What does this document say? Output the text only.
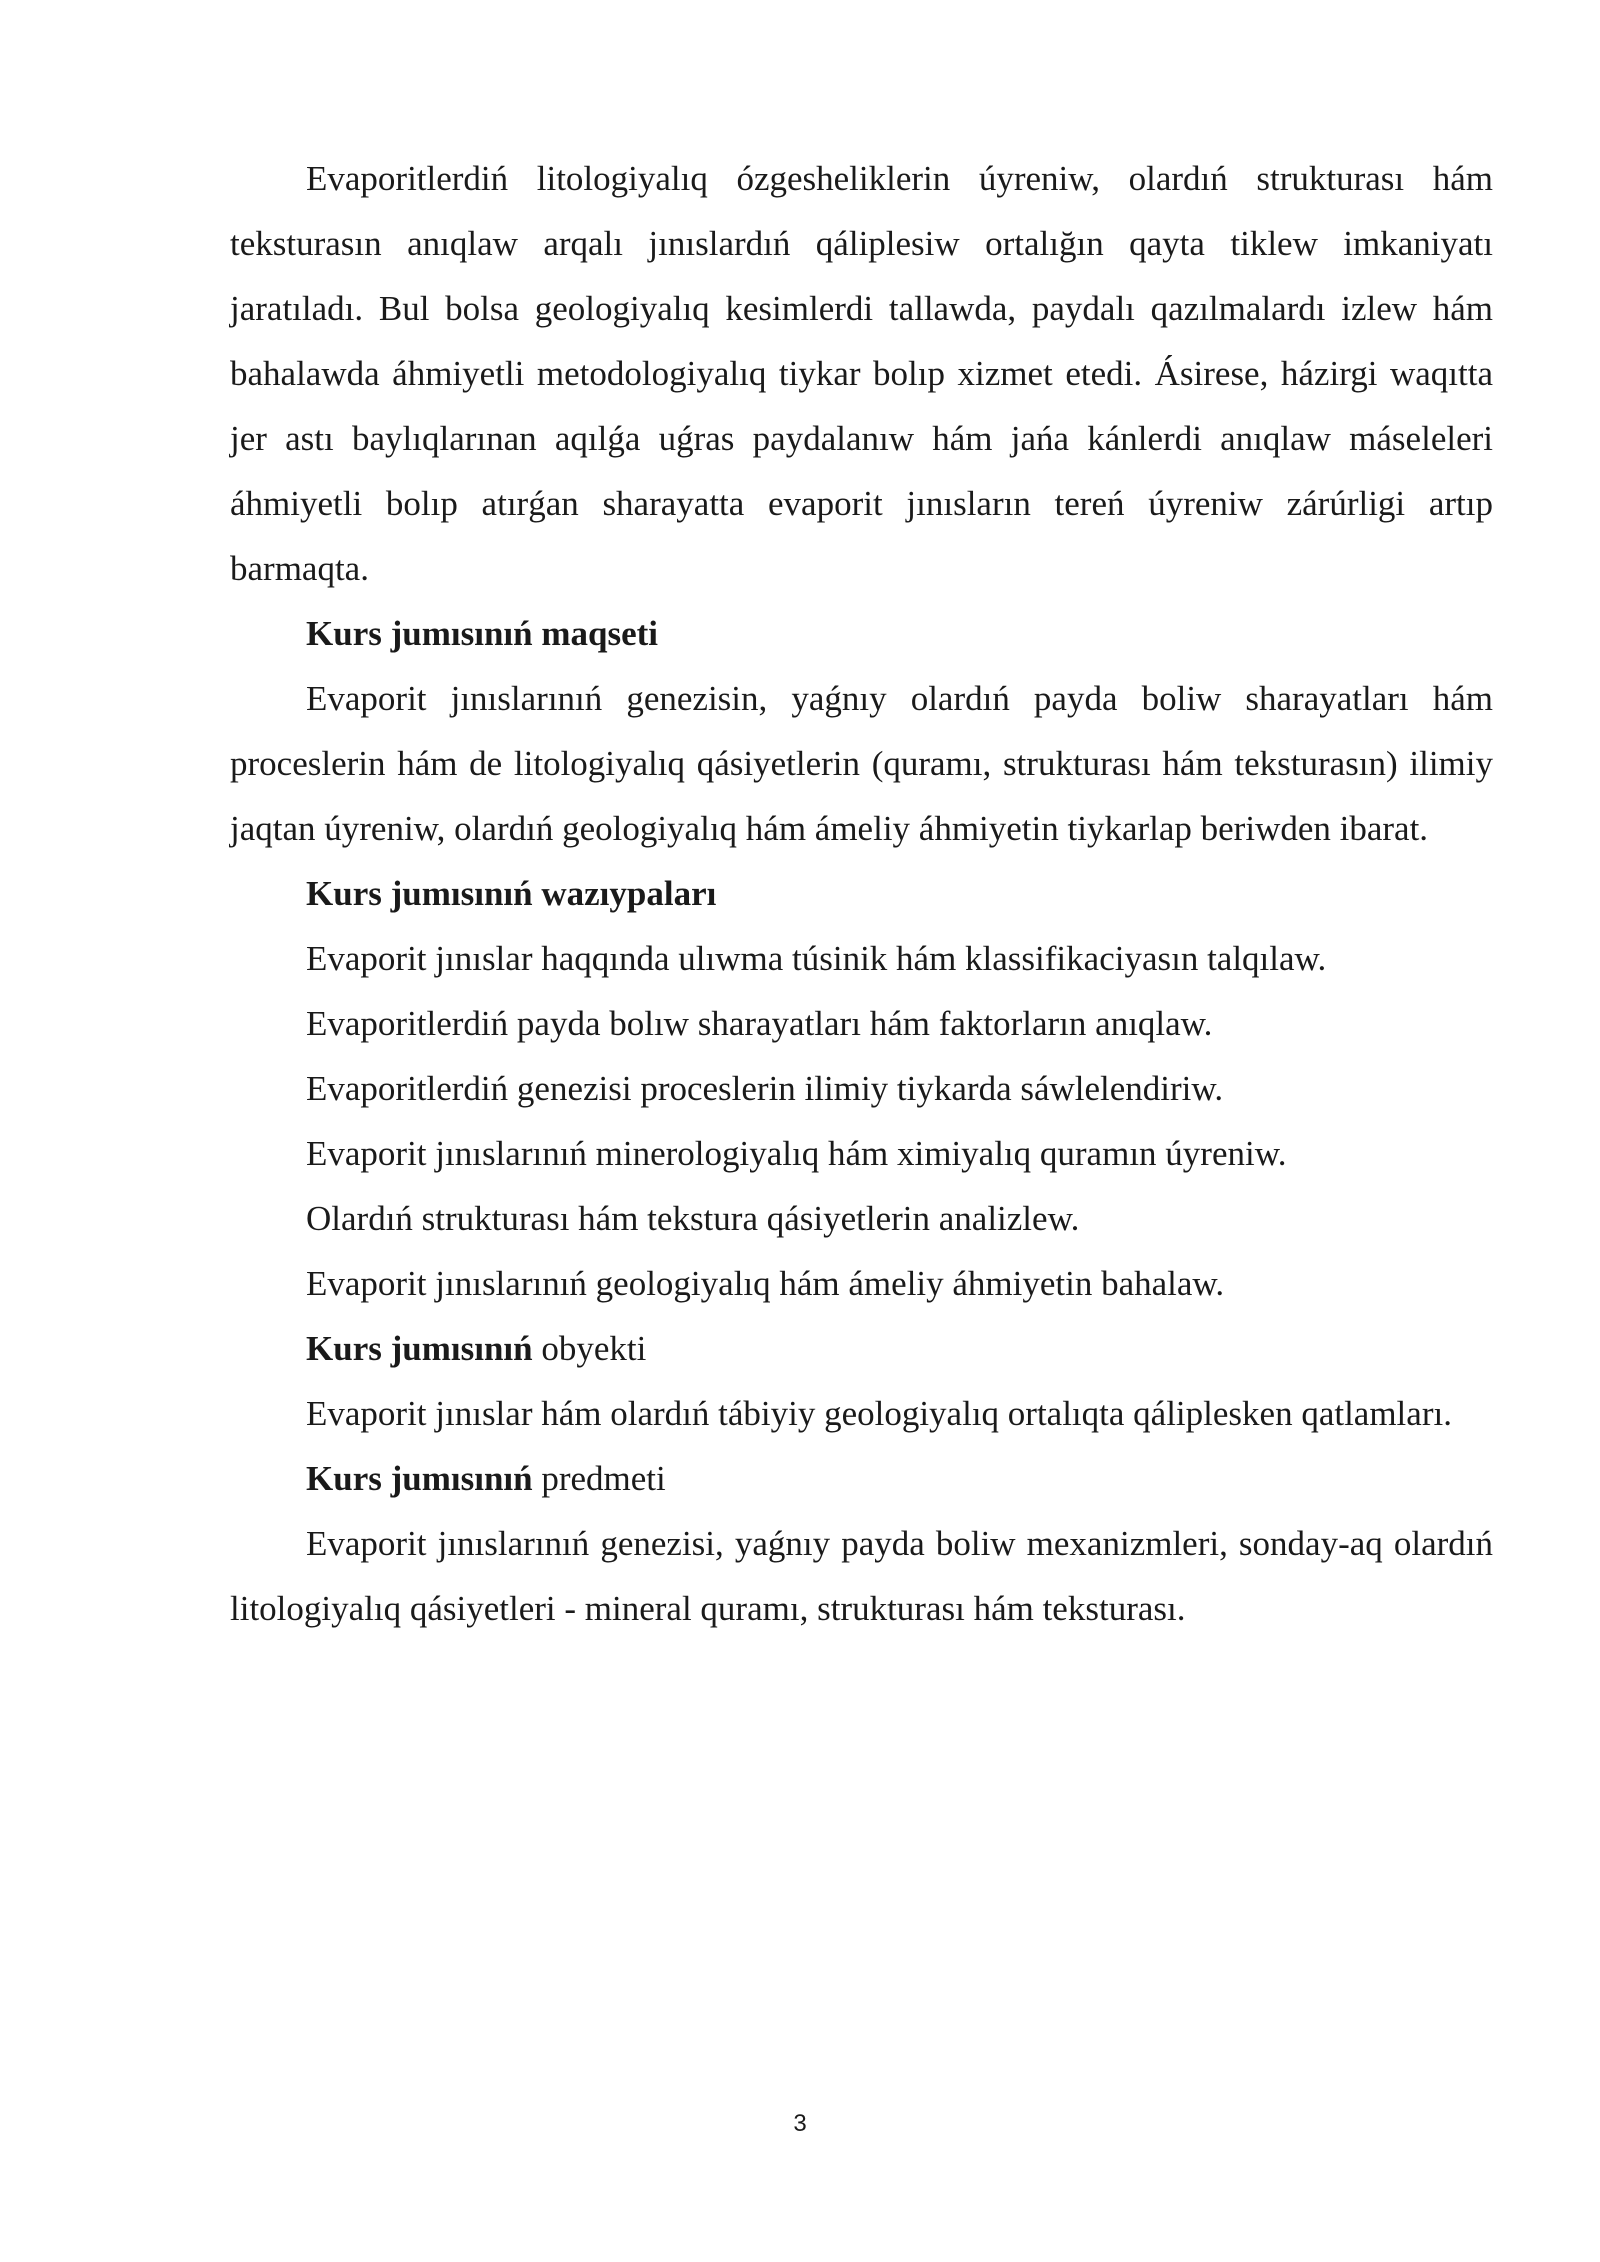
Evaporitlerdiń litologiyalıq ózgesheliklerin úyreniw, olardıń strukturası hám teksturasın anıqlaw arqalı jınıslardıń qáliplesiw ortalığın qayta tiklew imkaniyatı jaratıladı. Bul bolsa geologiyalıq kesimlerdi tallawda, paydalı qazılmalardı izlew hám bahalawda áhmiyetli metodologiyalıq tiykar bolıp xizmet etedi. Ásirese, házirgi waqıtta jer astı baylıqlarınan aqılǵa uǵras paydalanıw hám jańa kánlerdi anıqlaw máseleleri áhmiyetli bolıp atırǵan sharayatta evaporit jınısların tereń úyreniw zárúrligi artıp barmaqta.

Kurs jumısınıń maqseti

Evaporit jınıslarınıń genezisin, yaǵnıy olardıń payda boliw sharayatları hám proceslerin hám de litologiyalıq qásiyetlerin (quramı, strukturası hám teksturasın) ilimiy jaqtan úyreniw, olardıń geologiyalıq hám ámeliy áhmiyetin tiykarlap beriwden ibarat.

Kurs jumısınıń wazıypaları

Evaporit jınıslar haqqında ulıwma túsinik hám klassifikaciyasın talqılaw.

Evaporitlerdiń payda bolıw sharayatları hám faktorların anıqlaw.

Evaporitlerdiń genezisi proceslerin ilimiy tiykarda sáwlelendiriw.

Evaporit jınıslarınıń minerologiyalıq hám ximiyalıq quramın úyreniw.

Olardıń strukturası hám tekstura qásiyetlerin analizlew.

Evaporit jınıslarınıń geologiyalıq hám ámeliy áhmiyetin bahalaw.

Kurs jumısınıń obyekti

Evaporit jınıslar hám olardıń tábiyiy geologiyalıq ortalıqta qáliplesken qatlamları.

Kurs jumısınıń predmeti

Evaporit jınıslarınıń genezisi, yaǵnıy payda boliw mexanizmleri, sonday-aq olardıń litologiyalıq qásiyetleri - mineral quramı, strukturası hám teksturası.

3
